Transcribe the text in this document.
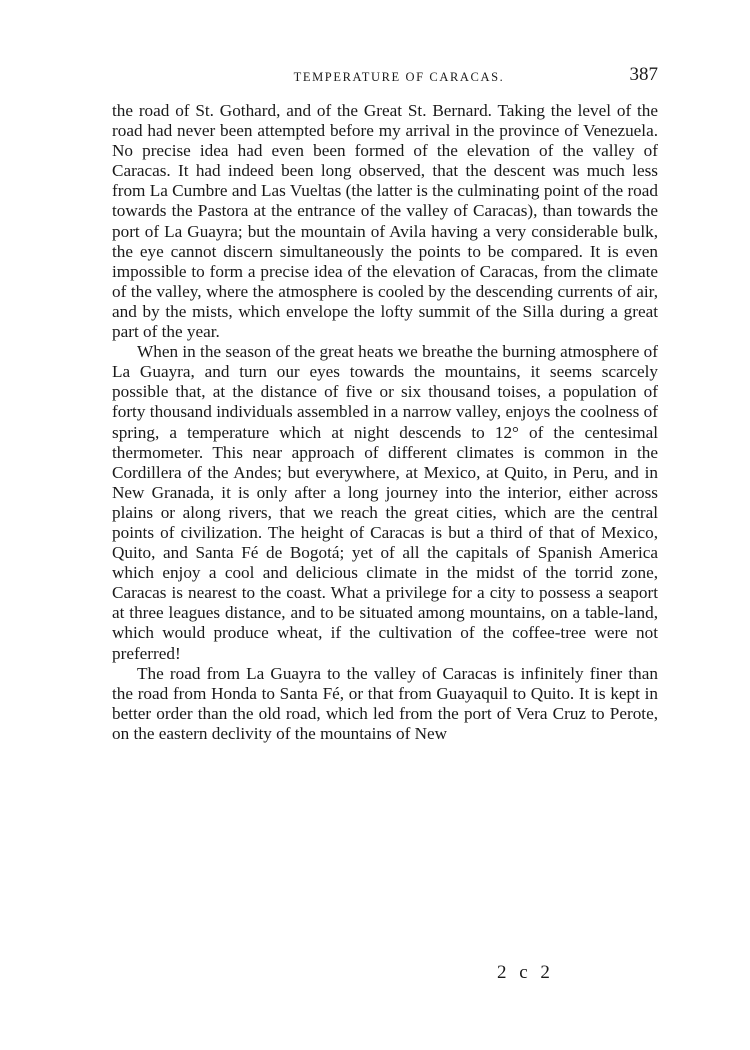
TEMPERATURE OF CARACAS.	387

the road of St. Gothard, and of the Great St. Bernard. Taking the level of the road had never been attempted before my arrival in the province of Venezuela. No precise idea had even been formed of the elevation of the valley of Caracas. It had indeed been long observed, that the descent was much less from La Cumbre and Las Vueltas (the latter is the culminating point of the road towards the Pastora at the entrance of the valley of Caracas), than towards the port of La Guayra; but the mountain of Avila having a very considerable bulk, the eye cannot discern simultaneously the points to be compared. It is even impossible to form a precise idea of the elevation of Caracas, from the climate of the valley, where the atmosphere is cooled by the descending currents of air, and by the mists, which envelope the lofty summit of the Silla during a great part of the year.

When in the season of the great heats we breathe the burning atmosphere of La Guayra, and turn our eyes towards the mountains, it seems scarcely possible that, at the distance of five or six thousand toises, a population of forty thousand individuals assembled in a narrow valley, enjoys the coolness of spring, a temperature which at night descends to 12° of the centesimal thermometer. This near approach of different climates is common in the Cordillera of the Andes; but everywhere, at Mexico, at Quito, in Peru, and in New Granada, it is only after a long journey into the interior, either across plains or along rivers, that we reach the great cities, which are the central points of civilization. The height of Caracas is but a third of that of Mexico, Quito, and Santa Fé de Bogotá; yet of all the capitals of Spanish America which enjoy a cool and delicious climate in the midst of the torrid zone, Caracas is nearest to the coast. What a privilege for a city to possess a seaport at three leagues distance, and to be situated among mountains, on a table-land, which would produce wheat, if the cultivation of the coffee-tree were not preferred!

The road from La Guayra to the valley of Caracas is infinitely finer than the road from Honda to Santa Fé, or that from Guayaquil to Quito. It is kept in better order than the old road, which led from the port of Vera Cruz to Perote, on the eastern declivity of the mountains of New

2 c 2
